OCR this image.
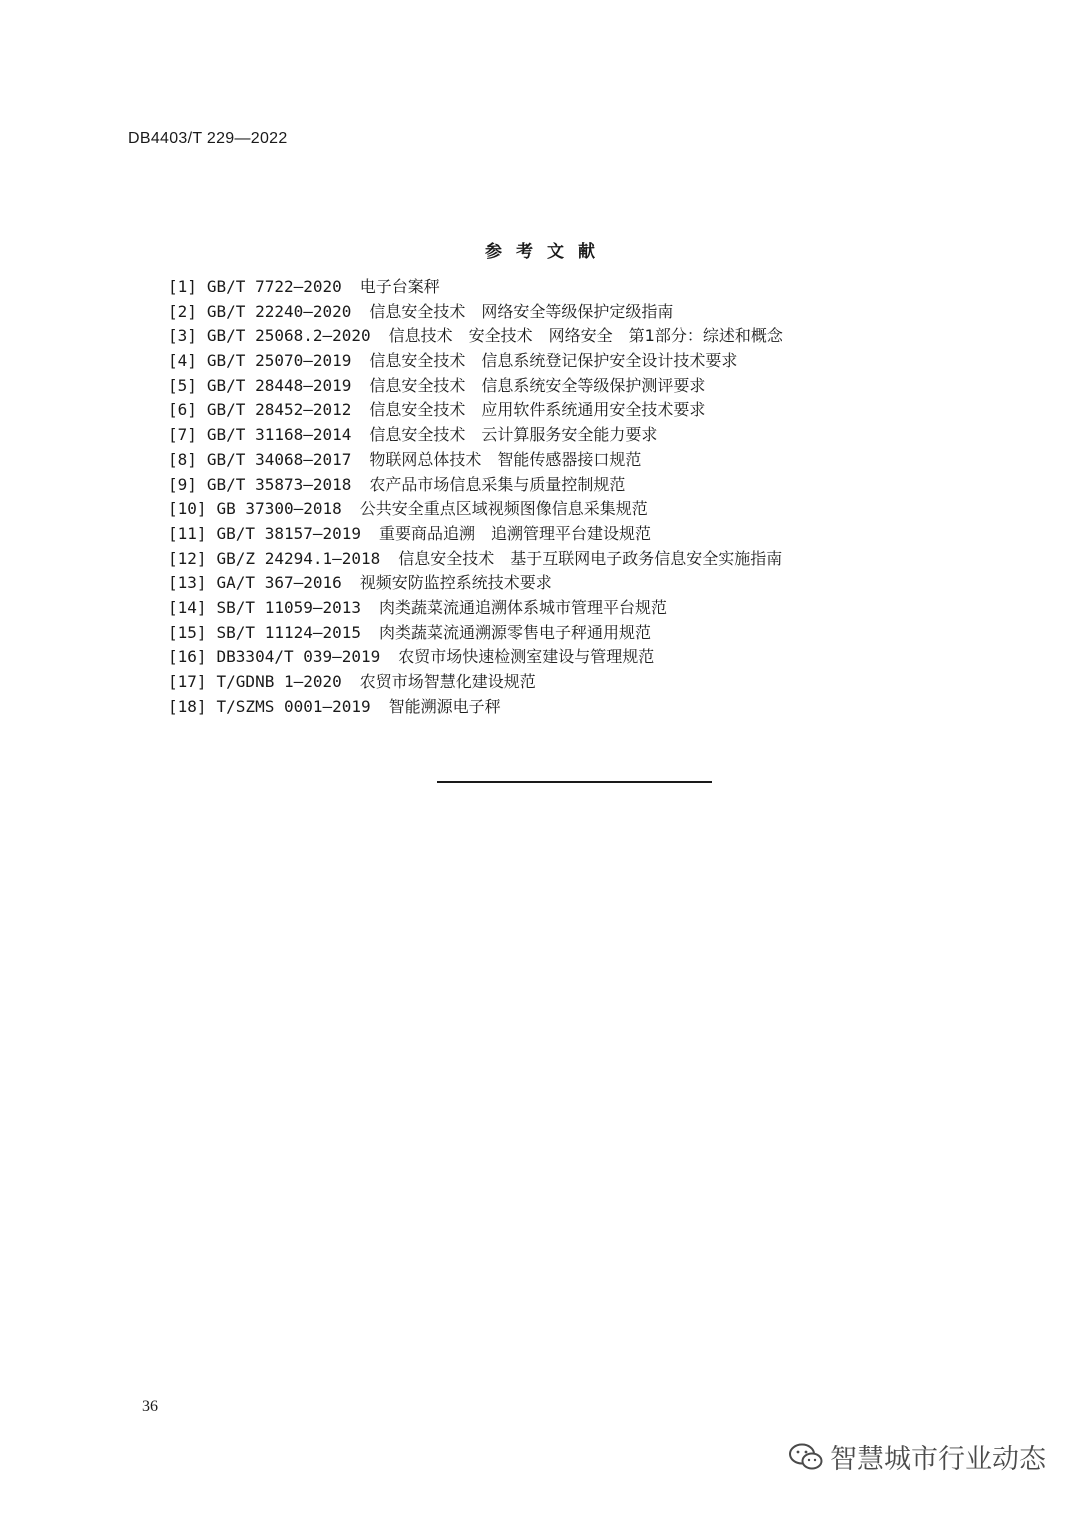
DB4403/T 229—2022
参考文献
[1] GB/T 7722—2020 电子台案秤
[2] GB/T 22240—2020 信息安全技术　网络安全等级保护定级指南
[3] GB/T 25068.2—2020 信息技术　安全技术　网络安全　第1部分：综述和概念
[4] GB/T 25070—2019 信息安全技术　信息系统登记保护安全设计技术要求
[5] GB/T 28448—2019 信息安全技术　信息系统安全等级保护测评要求
[6] GB/T 28452—2012 信息安全技术　应用软件系统通用安全技术要求
[7] GB/T 31168—2014 信息安全技术　云计算服务安全能力要求
[8] GB/T 34068—2017 物联网总体技术　智能传感器接口规范
[9] GB/T 35873—2018 农产品市场信息采集与质量控制规范
[10] GB 37300—2018 公共安全重点区域视频图像信息采集规范
[11] GB/T 38157—2019 重要商品追溯　追溯管理平台建设规范
[12] GB/Z 24294.1—2018 信息安全技术　基于互联网电子政务信息安全实施指南
[13] GA/T 367—2016 视频安防监控系统技术要求
[14] SB/T 11059—2013 肉类蔬菜流通追溯体系城市管理平台规范
[15] SB/T 11124—2015 肉类蔬菜流通溯源零售电子秤通用规范
[16] DB3304/T 039—2019 农贸市场快速检测室建设与管理规范
[17] T/GDNB 1—2020 农贸市场智慧化建设规范
[18] T/SZMS 0001—2019 智能溯源电子秤
36
智慧城市行业动态
